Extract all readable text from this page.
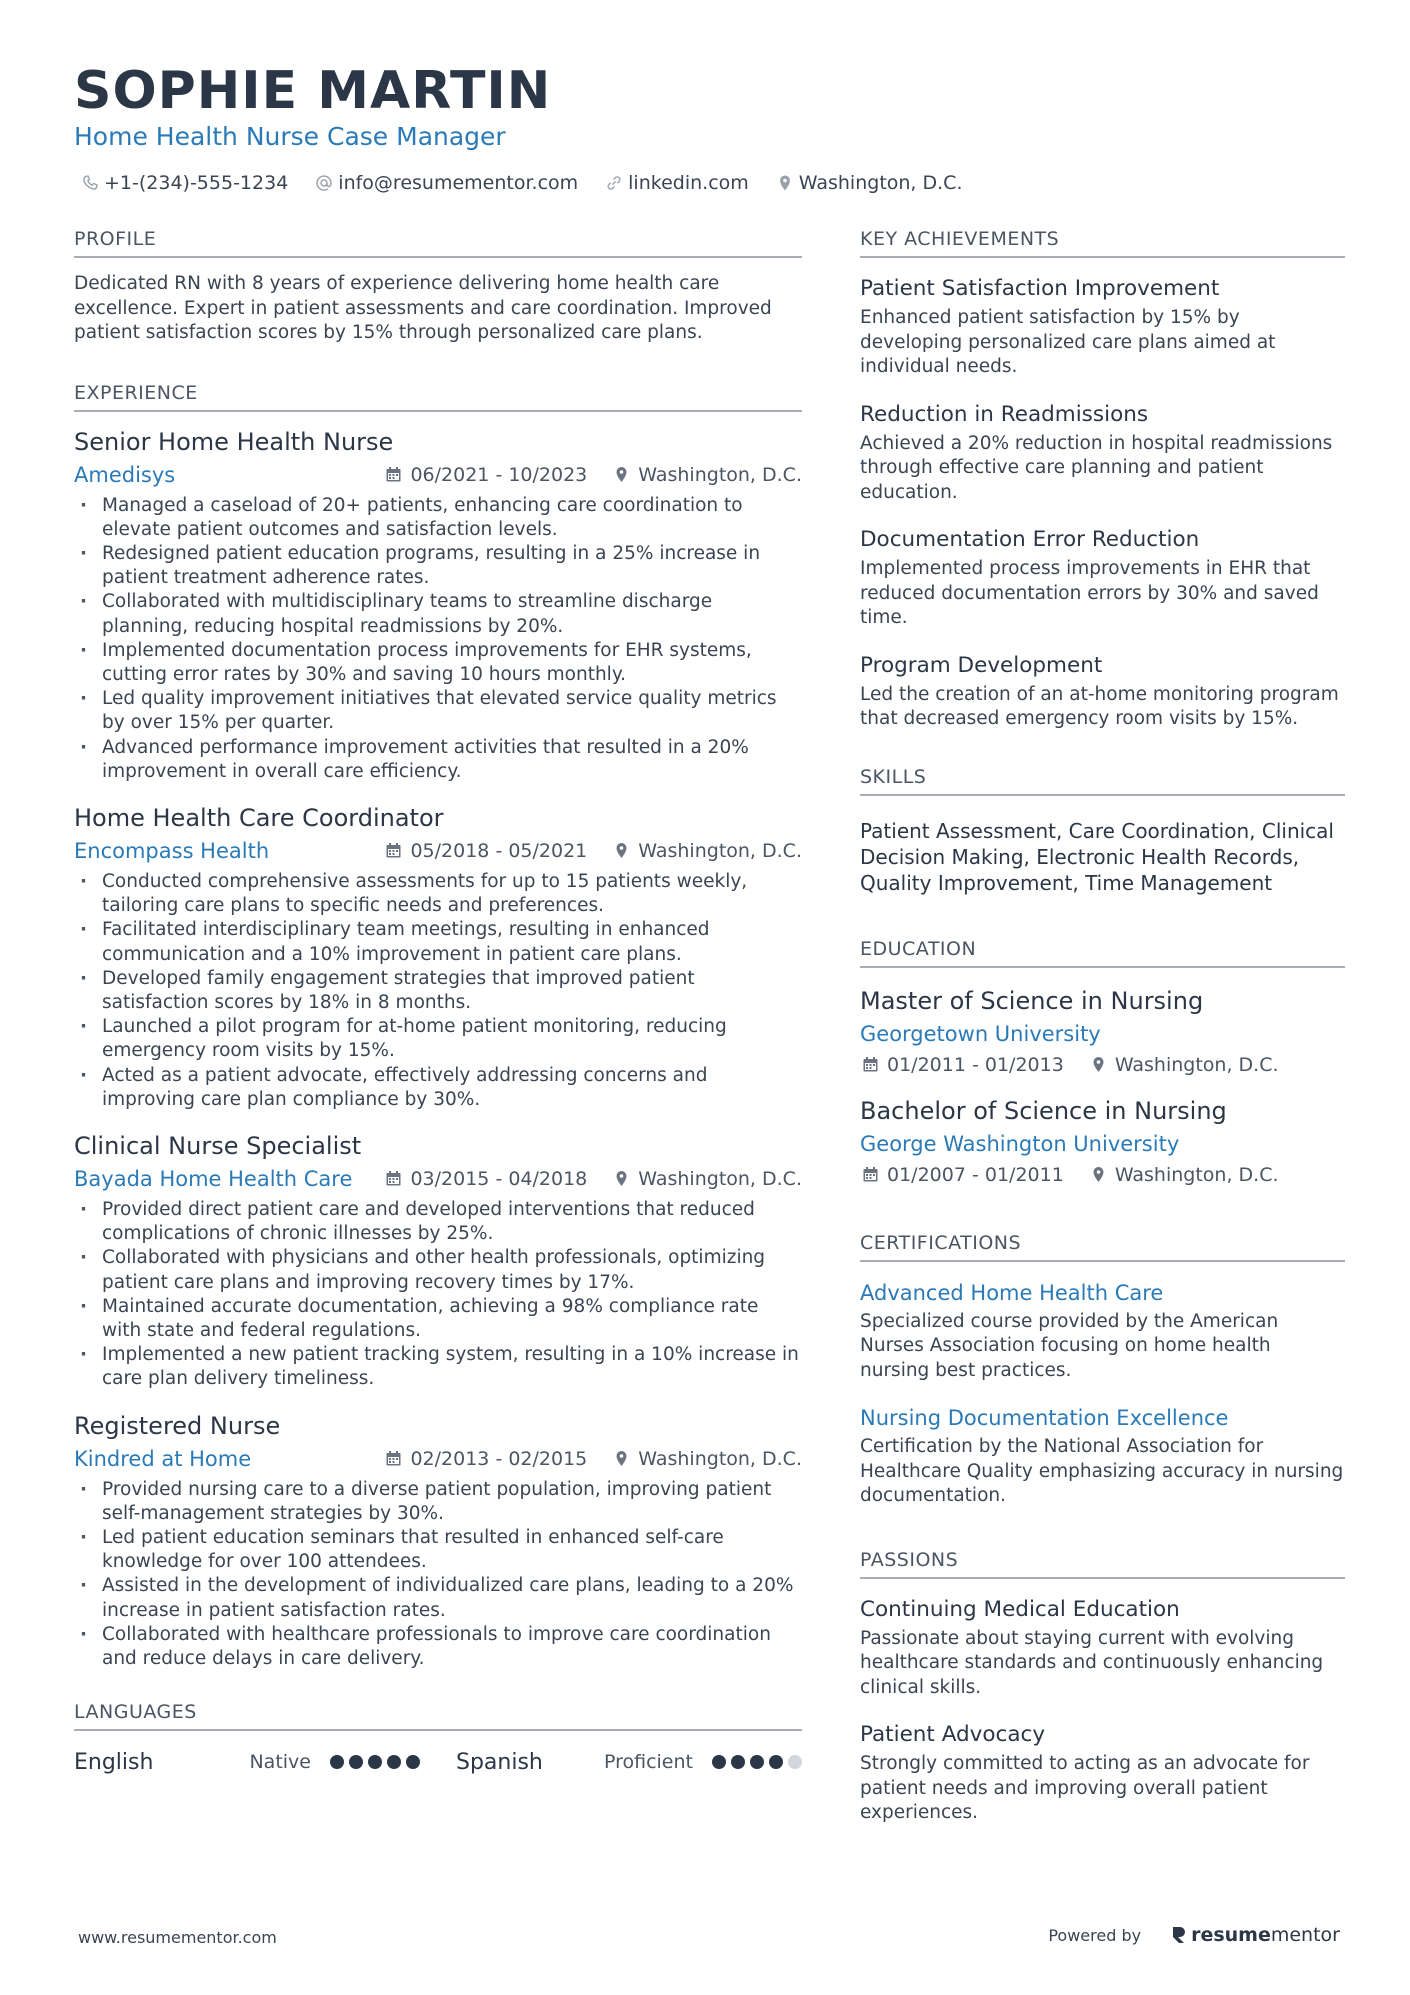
SOPHIE MARTIN
Home Health Nurse Case Manager
+1-(234)-555-1234	info@resumementor.com	linkedin.com	Washington, D.C.
PROFILE
Dedicated RN with 8 years of experience delivering home health care excellence. Expert in patient assessments and care coordination. Improved patient satisfaction scores by 15% through personalized care plans.
EXPERIENCE
Senior Home Health Nurse
Amedisys	06/2021 - 10/2023	Washington, D.C.
· Managed a caseload of 20+ patients, enhancing care coordination to elevate patient outcomes and satisfaction levels.
· Redesigned patient education programs, resulting in a 25% increase in patient treatment adherence rates.
· Collaborated with multidisciplinary teams to streamline discharge planning, reducing hospital readmissions by 20%.
· Implemented documentation process improvements for EHR systems, cutting error rates by 30% and saving 10 hours monthly.
· Led quality improvement initiatives that elevated service quality metrics by over 15% per quarter.
· Advanced performance improvement activities that resulted in a 20% improvement in overall care efficiency.
Home Health Care Coordinator
Encompass Health	05/2018 - 05/2021	Washington, D.C.
· Conducted comprehensive assessments for up to 15 patients weekly, tailoring care plans to specific needs and preferences.
· Facilitated interdisciplinary team meetings, resulting in enhanced communication and a 10% improvement in patient care plans.
· Developed family engagement strategies that improved patient satisfaction scores by 18% in 8 months.
· Launched a pilot program for at-home patient monitoring, reducing emergency room visits by 15%.
· Acted as a patient advocate, effectively addressing concerns and improving care plan compliance by 30%.
Clinical Nurse Specialist
Bayada Home Health Care	03/2015 - 04/2018	Washington, D.C.
· Provided direct patient care and developed interventions that reduced complications of chronic illnesses by 25%.
· Collaborated with physicians and other health professionals, optimizing patient care plans and improving recovery times by 17%.
· Maintained accurate documentation, achieving a 98% compliance rate with state and federal regulations.
· Implemented a new patient tracking system, resulting in a 10% increase in care plan delivery timeliness.
Registered Nurse
Kindred at Home	02/2013 - 02/2015	Washington, D.C.
· Provided nursing care to a diverse patient population, improving patient self-management strategies by 30%.
· Led patient education seminars that resulted in enhanced self-care knowledge for over 100 attendees.
· Assisted in the development of individualized care plans, leading to a 20% increase in patient satisfaction rates.
· Collaborated with healthcare professionals to improve care coordination and reduce delays in care delivery.
LANGUAGES
English	Native	Spanish	Proficient
KEY ACHIEVEMENTS
Patient Satisfaction Improvement
Enhanced patient satisfaction by 15% by developing personalized care plans aimed at individual needs.
Reduction in Readmissions
Achieved a 20% reduction in hospital readmissions through effective care planning and patient education.
Documentation Error Reduction
Implemented process improvements in EHR that reduced documentation errors by 30% and saved time.
Program Development
Led the creation of an at-home monitoring program that decreased emergency room visits by 15%.
SKILLS
Patient Assessment, Care Coordination, Clinical Decision Making, Electronic Health Records, Quality Improvement, Time Management
EDUCATION
Master of Science in Nursing
Georgetown University
01/2011 - 01/2013	Washington, D.C.
Bachelor of Science in Nursing
George Washington University
01/2007 - 01/2011	Washington, D.C.
CERTIFICATIONS
Advanced Home Health Care
Specialized course provided by the American Nurses Association focusing on home health nursing best practices.
Nursing Documentation Excellence
Certification by the National Association for Healthcare Quality emphasizing accuracy in nursing documentation.
PASSIONS
Continuing Medical Education
Passionate about staying current with evolving healthcare standards and continuously enhancing clinical skills.
Patient Advocacy
Strongly committed to acting as an advocate for patient needs and improving overall patient experiences.
www.resumementor.com	Powered by	resume mentor
